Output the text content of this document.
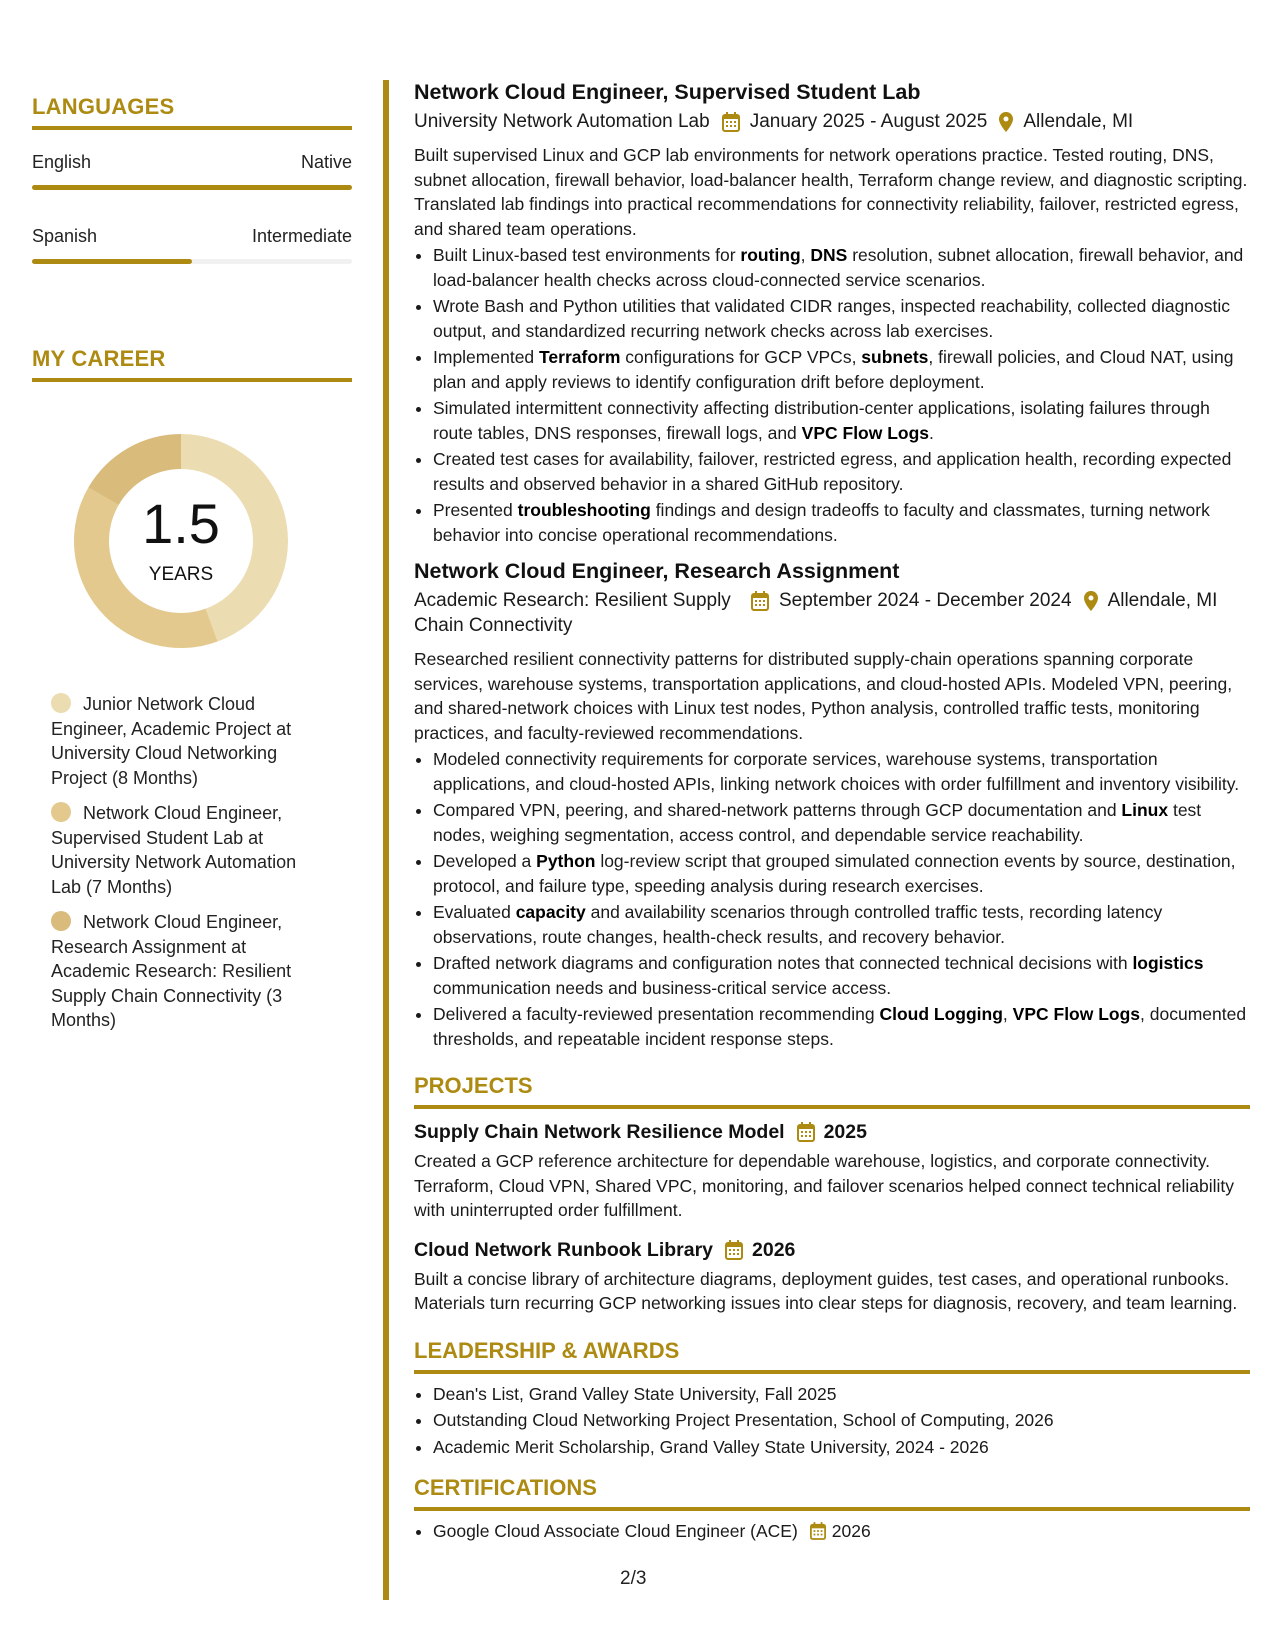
LANGUAGES
English	Native
Spanish	Intermediate
MY CAREER
1.5
YEARS
Junior Network Cloud Engineer, Academic Project at University Cloud Networking Project (8 Months)
Network Cloud Engineer, Supervised Student Lab at University Network Automation Lab (7 Months)
Network Cloud Engineer, Research Assignment at Academic Research: Resilient Supply Chain Connectivity (3 Months)
Network Cloud Engineer, Supervised Student Lab
University Network Automation Lab January 2025 - August 2025 Allendale, MI
Built supervised Linux and GCP lab environments for network operations practice. Tested routing, DNS, subnet allocation, firewall behavior, load-balancer health, Terraform change review, and diagnostic scripting. Translated lab findings into practical recommendations for connectivity reliability, failover, restricted egress, and shared team operations.
• Built Linux-based test environments for routing, DNS resolution, subnet allocation, firewall behavior, and load-balancer health checks across cloud-connected service scenarios.
• Wrote Bash and Python utilities that validated CIDR ranges, inspected reachability, collected diagnostic output, and standardized recurring network checks across lab exercises.
• Implemented Terraform configurations for GCP VPCs, subnets, firewall policies, and Cloud NAT, using plan and apply reviews to identify configuration drift before deployment.
• Simulated intermittent connectivity affecting distribution-center applications, isolating failures through route tables, DNS responses, firewall logs, and VPC Flow Logs.
• Created test cases for availability, failover, restricted egress, and application health, recording expected results and observed behavior in a shared GitHub repository.
• Presented troubleshooting findings and design tradeoffs to faculty and classmates, turning network behavior into concise operational recommendations.
Network Cloud Engineer, Research Assignment
Academic Research: Resilient Supply Chain Connectivity
September 2024 - December 2024 Allendale, MI
Researched resilient connectivity patterns for distributed supply-chain operations spanning corporate services, warehouse systems, transportation applications, and cloud-hosted APIs. Modeled VPN, peering, and shared-network choices with Linux test nodes, Python analysis, controlled traffic tests, monitoring practices, and faculty-reviewed recommendations.
• Modeled connectivity requirements for corporate services, warehouse systems, transportation applications, and cloud-hosted APIs, linking network choices with order fulfillment and inventory visibility.
• Compared VPN, peering, and shared-network patterns through GCP documentation and Linux test nodes, weighing segmentation, access control, and dependable service reachability.
• Developed a Python log-review script that grouped simulated connection events by source, destination, protocol, and failure type, speeding analysis during research exercises.
• Evaluated capacity and availability scenarios through controlled traffic tests, recording latency observations, route changes, health-check results, and recovery behavior.
• Drafted network diagrams and configuration notes that connected technical decisions with logistics communication needs and business-critical service access.
• Delivered a faculty-reviewed presentation recommending Cloud Logging, VPC Flow Logs, documented thresholds, and repeatable incident response steps.
PROJECTS
Supply Chain Network Resilience Model 2025
Created a GCP reference architecture for dependable warehouse, logistics, and corporate connectivity. Terraform, Cloud VPN, Shared VPC, monitoring, and failover scenarios helped connect technical reliability with uninterrupted order fulfillment.
Cloud Network Runbook Library 2026
Built a concise library of architecture diagrams, deployment guides, test cases, and operational runbooks. Materials turn recurring GCP networking issues into clear steps for diagnosis, recovery, and team learning.
LEADERSHIP & AWARDS
• Dean's List, Grand Valley State University, Fall 2025
• Outstanding Cloud Networking Project Presentation, School of Computing, 2026
• Academic Merit Scholarship, Grand Valley State University, 2024 - 2026
CERTIFICATIONS
• Google Cloud Associate Cloud Engineer (ACE) 2026
2/3
